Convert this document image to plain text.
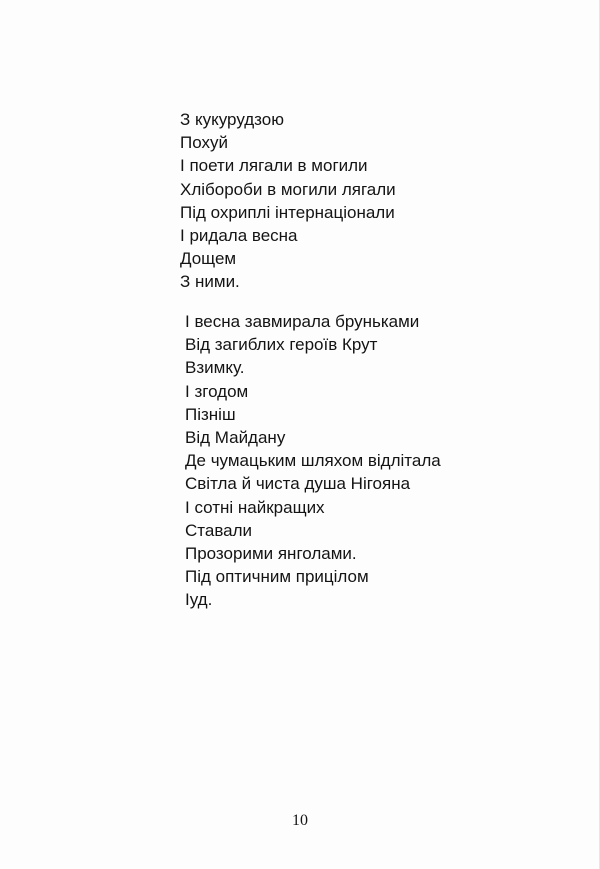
З кукурудзою
Похуй
І поети лягали в могили
Хлібороби в могили лягали
Під охриплі інтернаціонали
І ридала весна
Дощем
З ними.
І весна завмирала бруньками
Від загиблих героїв Крут
Взимку.
І згодом
Пізніш
Від Майдану
Де чумацьким шляхом відлітала
Світла й чиста душа Нігояна
І сотні найкращих
Ставали
Прозорими янголами.
Під оптичним прицілом
Іуд.
10
